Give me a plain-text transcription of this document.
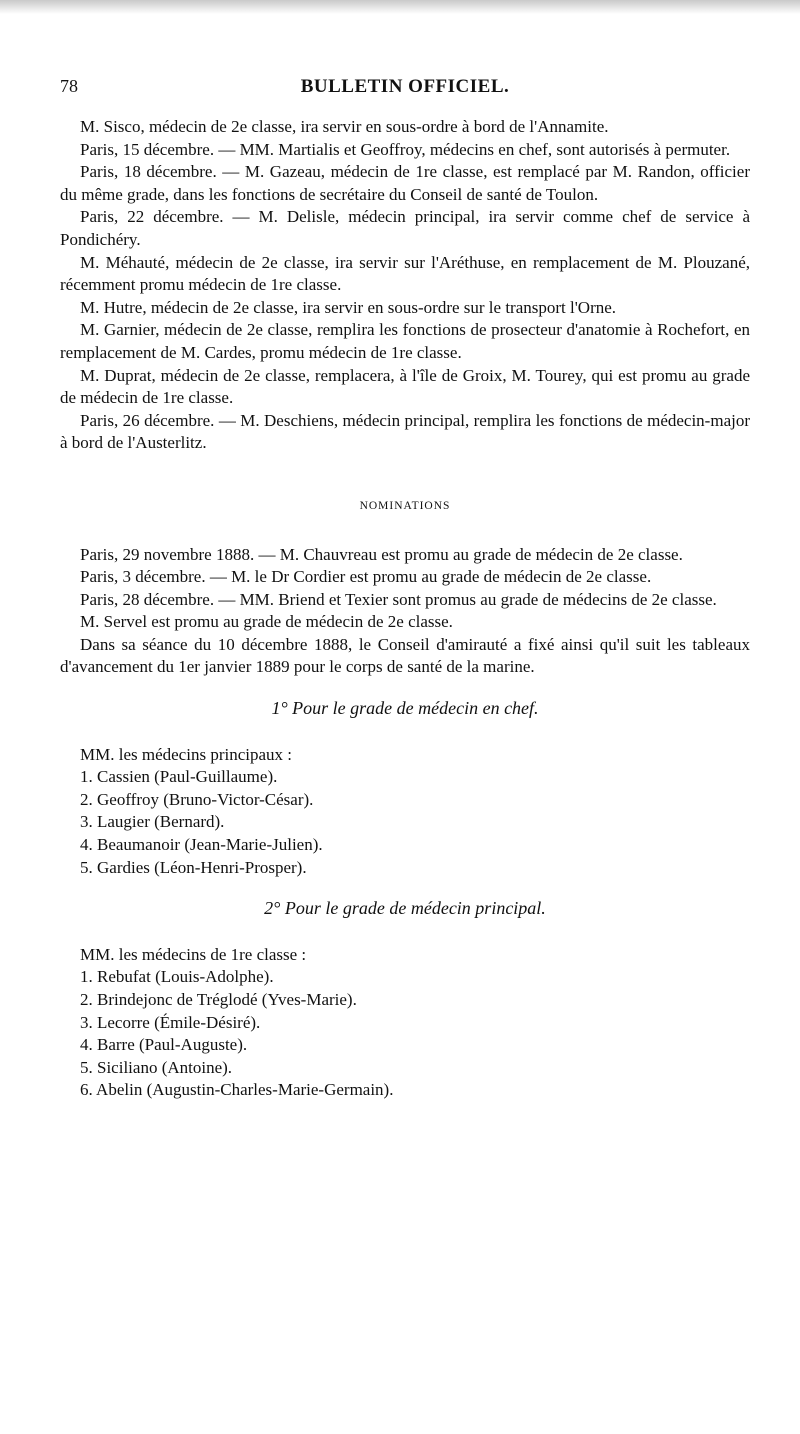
78	BULLETIN OFFICIEL.

M. Sisco, médecin de 2e classe, ira servir en sous-ordre à bord de l'Annamite.

Paris, 15 décembre. — MM. Martialis et Geoffroy, médecins en chef, sont autorisés à permuter.

Paris, 18 décembre. — M. Gazeau, médecin de 1re classe, est remplacé par M. Randon, officier du même grade, dans les fonctions de secrétaire du Conseil de santé de Toulon.

Paris, 22 décembre. — M. Delisle, médecin principal, ira servir comme chef de service à Pondichéry.

M. Méhauté, médecin de 2e classe, ira servir sur l'Aréthuse, en remplacement de M. Plouzané, récemment promu médecin de 1re classe.

M. Hutre, médecin de 2e classe, ira servir en sous-ordre sur le transport l'Orne.

M. Garnier, médecin de 2e classe, remplira les fonctions de prosecteur d'anatomie à Rochefort, en remplacement de M. Cardes, promu médecin de 1re classe.

M. Duprat, médecin de 2e classe, remplacera, à l'île de Groix, M. Tourey, qui est promu au grade de médecin de 1re classe.

Paris, 26 décembre. — M. Deschiens, médecin principal, remplira les fonctions de médecin-major à bord de l'Austerlitz.

NOMINATIONS

Paris, 29 novembre 1888. — M. Chauvreau est promu au grade de médecin de 2e classe.

Paris, 3 décembre. — M. le Dr Cordier est promu au grade de médecin de 2e classe.

Paris, 28 décembre. — MM. Briend et Texier sont promus au grade de médecins de 2e classe.

M. Servel est promu au grade de médecin de 2e classe.

Dans sa séance du 10 décembre 1888, le Conseil d'amirauté a fixé ainsi qu'il suit les tableaux d'avancement du 1er janvier 1889 pour le corps de santé de la marine.

1° Pour le grade de médecin en chef.

MM. les médecins principaux :

1. Cassien (Paul-Guillaume).
2. Geoffroy (Bruno-Victor-César).
3. Laugier (Bernard).
4. Beaumanoir (Jean-Marie-Julien).
5. Gardies (Léon-Henri-Prosper).
2° Pour le grade de médecin principal.

MM. les médecins de 1re classe :

1. Rebufat (Louis-Adolphe).
2. Brindejonc de Tréglodé (Yves-Marie).
3. Lecorre (Émile-Désiré).
4. Barre (Paul-Auguste).
5. Siciliano (Antoine).
6. Abelin (Augustin-Charles-Marie-Germain).
